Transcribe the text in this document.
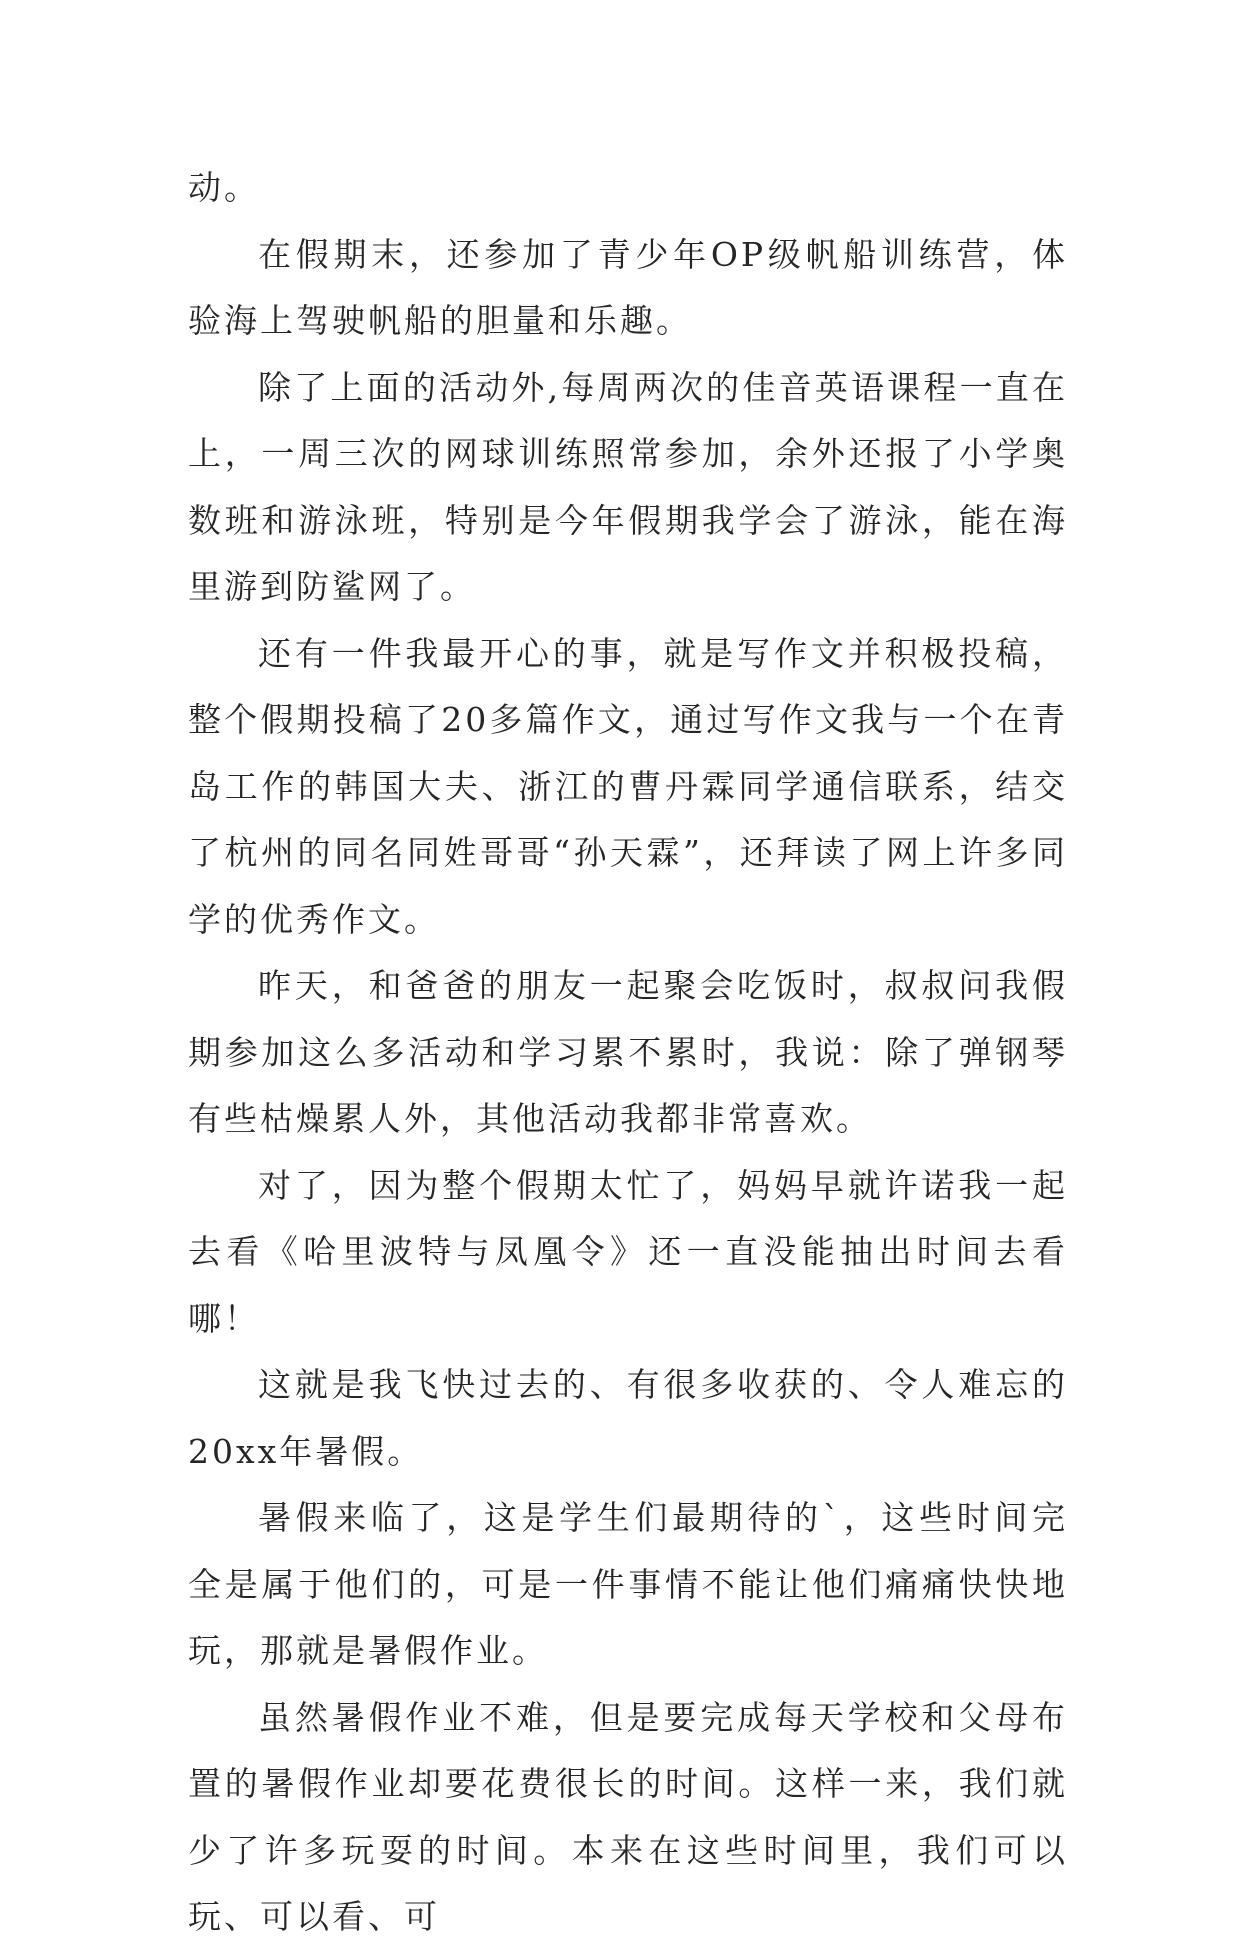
动。

在假期末，还参加了青少年OP级帆船训练营，体验海上驾驶帆船的胆量和乐趣。

除了上面的活动外,每周两次的佳音英语课程一直在上，一周三次的网球训练照常参加，余外还报了小学奥数班和游泳班，特别是今年假期我学会了游泳，能在海里游到防鲨网了。

还有一件我最开心的事，就是写作文并积极投稿，整个假期投稿了20多篇作文，通过写作文我与一个在青岛工作的韩国大夫、浙江的曹丹霖同学通信联系，结交了杭州的同名同姓哥哥“孙天霖”，还拜读了网上许多同学的优秀作文。

昨天，和爸爸的朋友一起聚会吃饭时，叔叔问我假期参加这么多活动和学习累不累时，我说：除了弹钢琴有些枯燥累人外，其他活动我都非常喜欢。

对了，因为整个假期太忙了，妈妈早就许诺我一起去看《哈里波特与凤凰令》还一直没能抽出时间去看哪！

这就是我飞快过去的、有很多收获的、令人难忘的20xx年暑假。

暑假来临了，这是学生们最期待的`，这些时间完全是属于他们的，可是一件事情不能让他们痛痛快快地玩，那就是暑假作业。

虽然暑假作业不难，但是要完成每天学校和父母布置的暑假作业却要花费很长的时间。这样一来，我们就少了许多玩耍的时间。本来在这些时间里，我们可以玩、可以看、可
